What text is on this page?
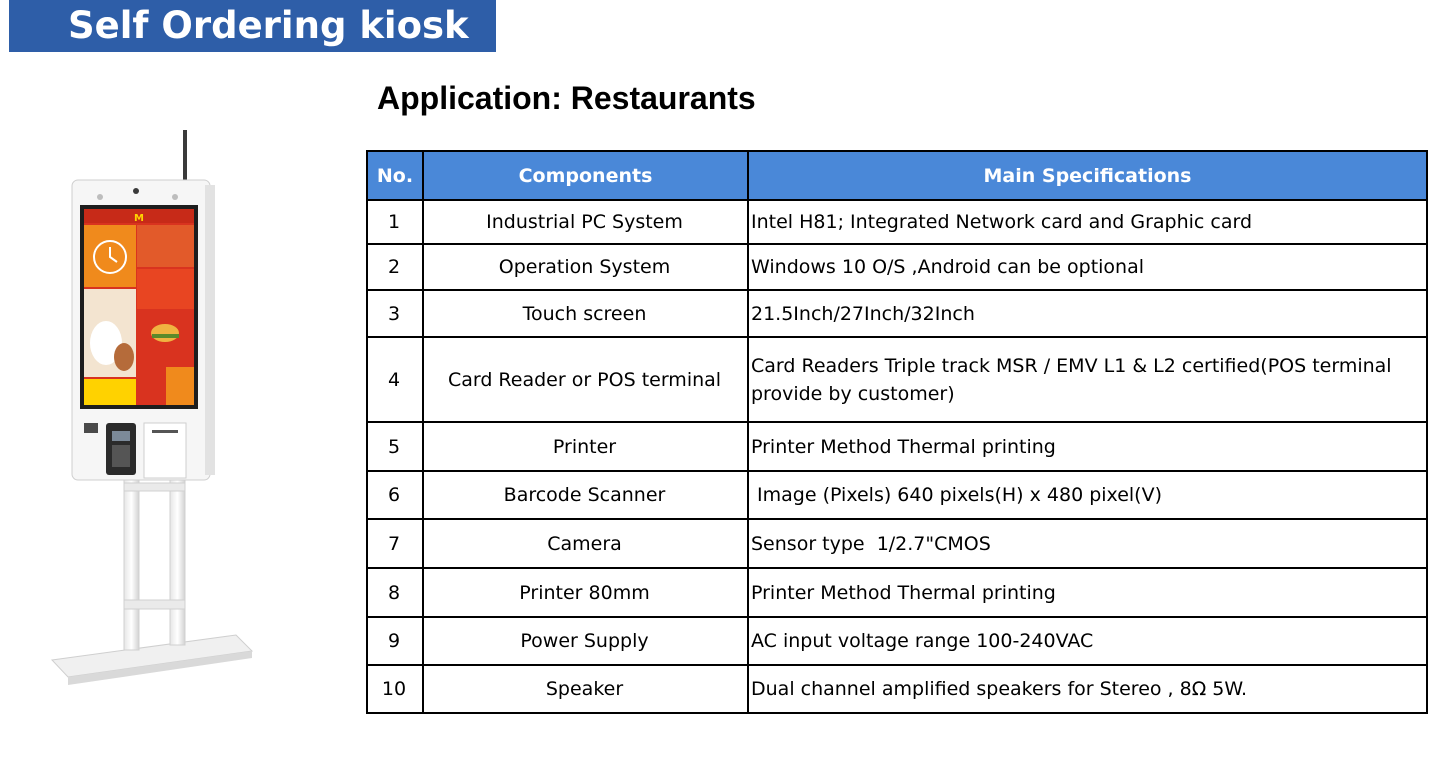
Self Ordering kiosk
Application: Restaurants
M
No.	Components	Main Specifications
1	Industrial PC System	Intel H81; Integrated Network card and Graphic card
2	Operation System	Windows 10 O/S ,Android can be optional
3	Touch screen	21.5Inch/27Inch/32Inch
4	Card Reader or POS terminal	Card Readers Triple track MSR / EMV L1 & L2 certified(POS terminal provide by customer)
5	Printer	Printer Method Thermal printing
6	Barcode Scanner	Image (Pixels) 640 pixels(H) x 480 pixel(V)
7	Camera	Sensor type  1/2.7"CMOS
8	Printer 80mm	Printer Method Thermal printing
9	Power Supply	AC input voltage range 100-240VAC
10	Speaker	Dual channel amplified speakers for Stereo , 8Ω 5W.
